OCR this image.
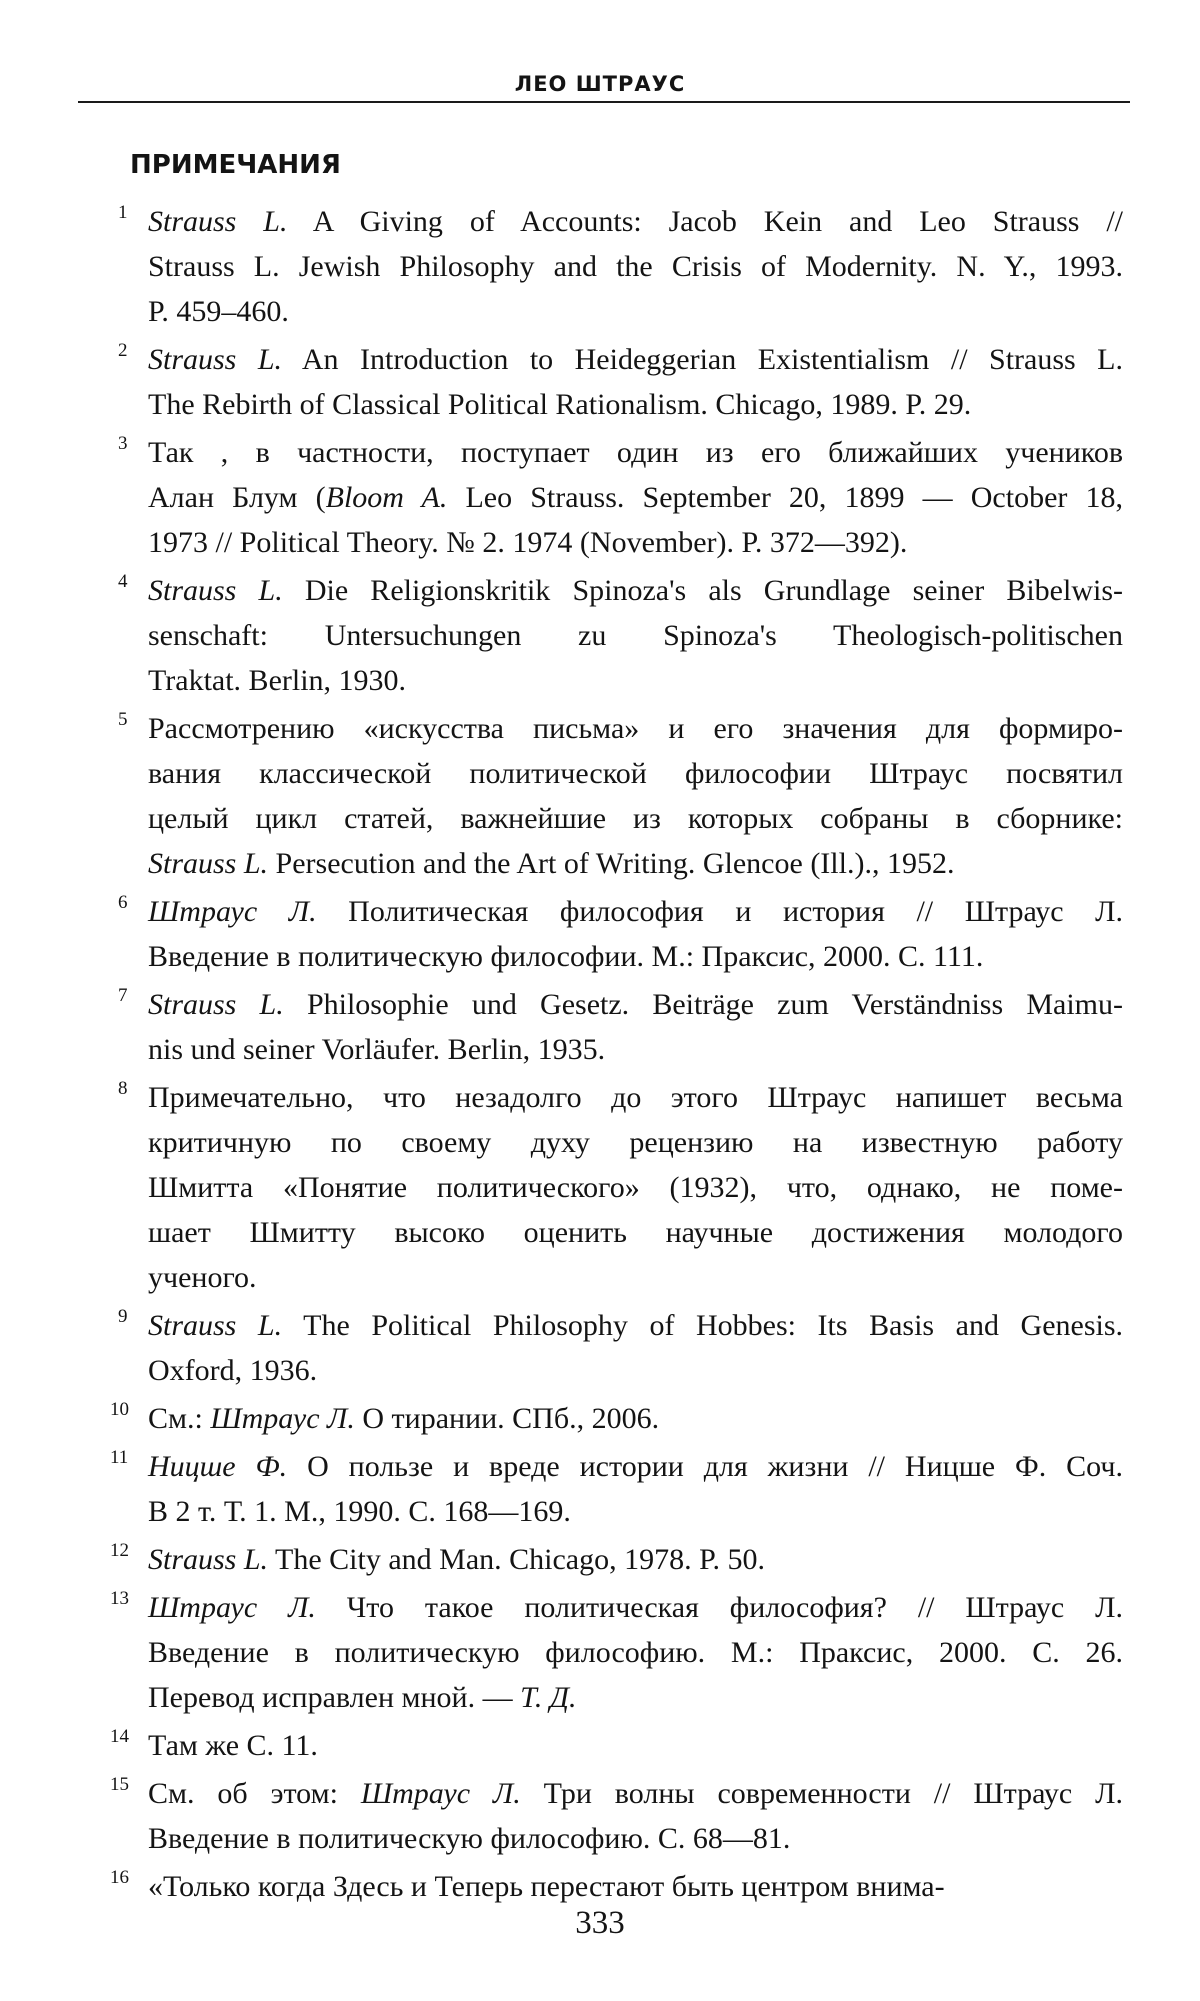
ЛЕО ШТРАУС
ПРИМЕЧАНИЯ
1 Strauss L. A Giving of Accounts: Jacob Kein and Leo Strauss //
Strauss L. Jewish Philosophy and the Crisis of Modernity. N. Y., 1993.
P. 459–460.
2 Strauss L. An Introduction to Heideggerian Existentialism // Strauss L.
The Rebirth of Classical Political Rationalism. Chicago, 1989. P. 29.
3 Так , в частности, поступает один из его ближайших учеников
Алан Блум (Bloom A. Leo Strauss. September 20, 1899 — October 18,
1973 // Political Theory. № 2. 1974 (November). P. 372—392).
4 Strauss L. Die Religionskritik Spinoza's als Grundlage seiner Bibelwis-
senschaft: Untersuchungen zu Spinoza's Theologisch-politischen
Traktat. Berlin, 1930.
5 Рассмотрению «искусства письма» и его значения для формиро-
вания классической политической философии Штраус посвятил
целый цикл статей, важнейшие из которых собраны в сборнике:
Strauss L. Persecution and the Art of Writing. Glencoe (Ill.)., 1952.
6 Штраус Л. Политическая философия и история // Штраус Л.
Введение в политическую философии. М.: Праксис, 2000. С. 111.
7 Strauss L. Philosophie und Gesetz. Beiträge zum Verständniss Maimu-
nis und seiner Vorläufer. Berlin, 1935.
8 Примечательно, что незадолго до этого Штраус напишет весьма
критичную по своему духу рецензию на известную работу
Шмитта «Понятие политического» (1932), что, однако, не поме-
шает Шмитту высоко оценить научные достижения молодого
ученого.
9 Strauss L. The Political Philosophy of Hobbes: Its Basis and Genesis.
Oxford, 1936.
10 См.: Штраус Л. О тирании. СПб., 2006.
11 Ницше Ф. О пользе и вреде истории для жизни // Ницше Ф. Соч.
В 2 т. Т. 1. М., 1990. С. 168—169.
12 Strauss L. The City and Man. Chicago, 1978. P. 50.
13 Штраус Л. Что такое политическая философия? // Штраус Л.
Введение в политическую философию. М.: Праксис, 2000. С. 26.
Перевод исправлен мной. — Т. Д.
14 Там же С. 11.
15 См. об этом: Штраус Л. Три волны современности // Штраус Л.
Введение в политическую философию. С. 68—81.
16 «Только когда Здесь и Теперь перестают быть центром внима-
333
